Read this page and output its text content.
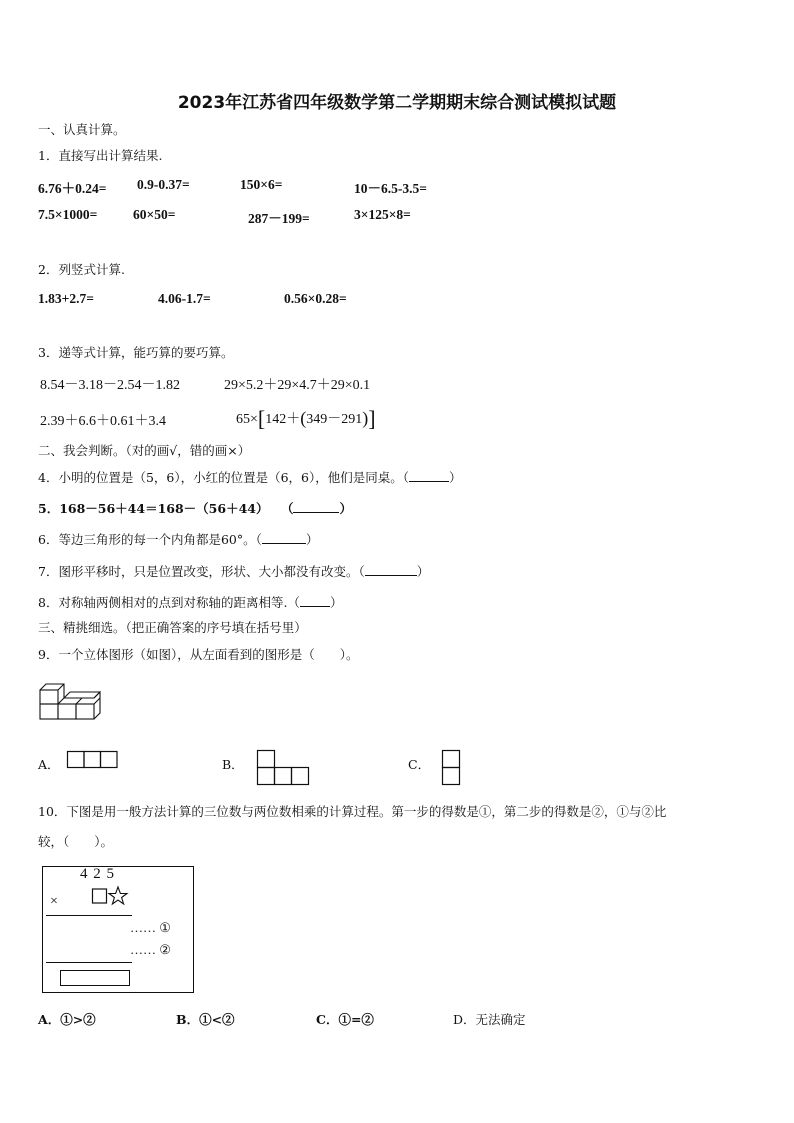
2023年江苏省四年级数学第二学期期末综合测试模拟试题
一、认真计算。
1．直接写出计算结果.
6.76＋0.24= 0.9-0.37=	150×6=	10－6.5-3.5=
7.5×1000=	60×50=	287－199=	3×125×8=
2．列竖式计算.
1.83+2.7=	4.06-1.7=	0.56×0.28=
3．递等式计算，能巧算的要巧算。
8.54－3.18－2.54－1.82	29×5.2＋29×4.7＋29×0.1
2.39＋6.6＋0.61＋3.4	65×[142＋(349－291)]
二、我会判断。（对的画√，错的画×）
4．小明的位置是（5，6），小红的位置是（6，6），他们是同桌。（	）
5．168－56＋44＝168－（56＋44）　　（	）
6．等边三角形的每一个内角都是60°。（	）
7．图形平移时，只是位置改变，形状、大小都没有改变。（	）
8．对称轴两侧相对的点到对称轴的距离相等.（ ）
三、精挑细选。（把正确答案的序号填在括号里）
9．一个立体图形（如图），从左面看到的图形是（　　）。
A．	B．	C．
10．下图是用一般方法计算的三位数与两位数相乘的计算过程。第一步的得数是①，第二步的得数是②，①与②比
较，（　　）。
4 2 5
×
…… ①
…… ②
A．①>②	B．①<②	C．①=②	D．无法确定
